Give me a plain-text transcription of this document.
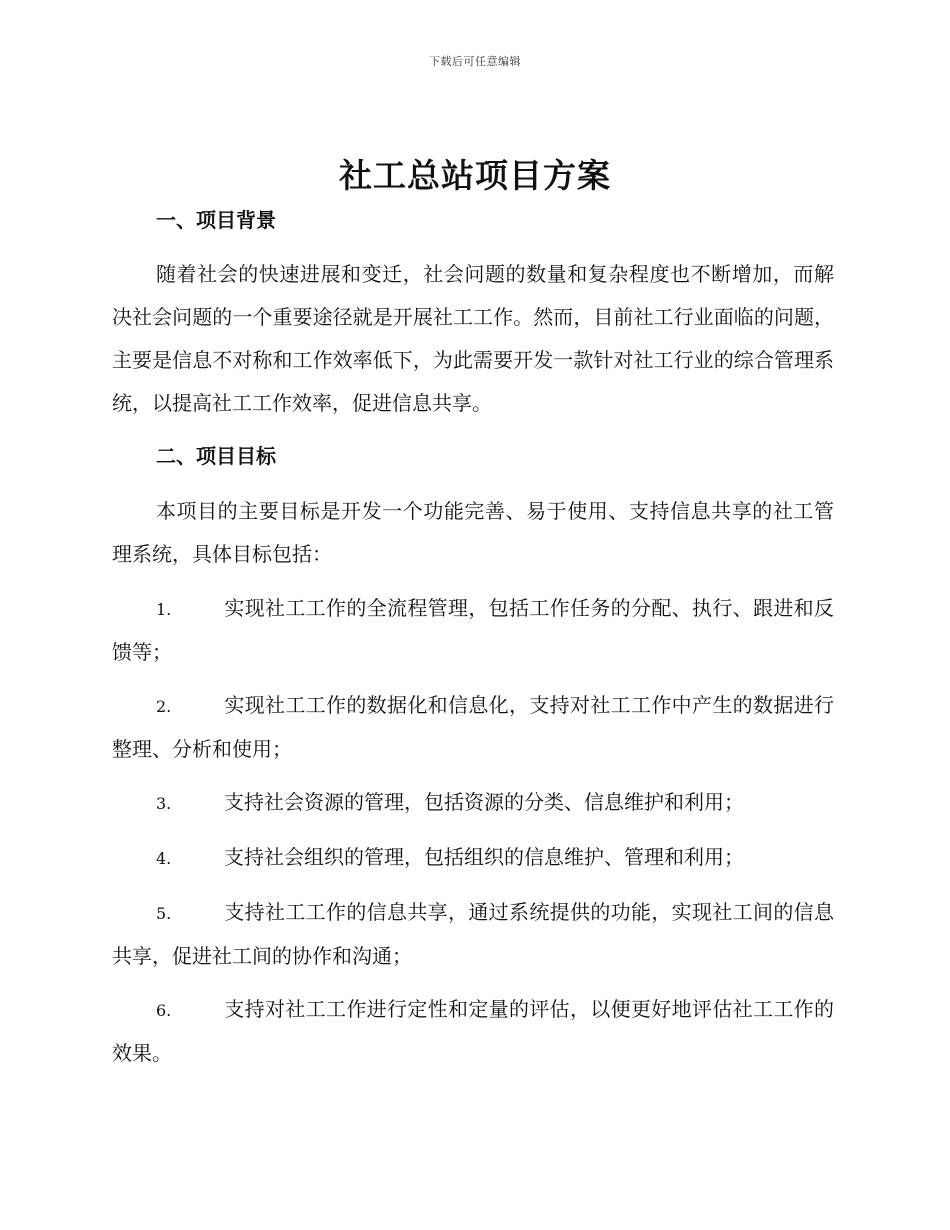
下载后可任意编辑
社工总站项目方案
一、项目背景

随着社会的快速进展和变迁，社会问题的数量和复杂程度也不断增加，而解决社会问题的一个重要途径就是开展社工工作。然而，目前社工行业面临的问题，主要是信息不对称和工作效率低下，为此需要开发一款针对社工行业的综合管理系统，以提高社工工作效率，促进信息共享。

二、项目目标

本项目的主要目标是开发一个功能完善、易于使用、支持信息共享的社工管理系统，具体目标包括：

1.	实现社工工作的全流程管理，包括工作任务的分配、执行、跟进和反馈等；

2.	实现社工工作的数据化和信息化，支持对社工工作中产生的数据进行整理、分析和使用；

3.	支持社会资源的管理，包括资源的分类、信息维护和利用；

4.	支持社会组织的管理，包括组织的信息维护、管理和利用；

5.	支持社工工作的信息共享，通过系统提供的功能，实现社工间的信息共享，促进社工间的协作和沟通；

6.	支持对社工工作进行定性和定量的评估，以便更好地评估社工工作的效果。
